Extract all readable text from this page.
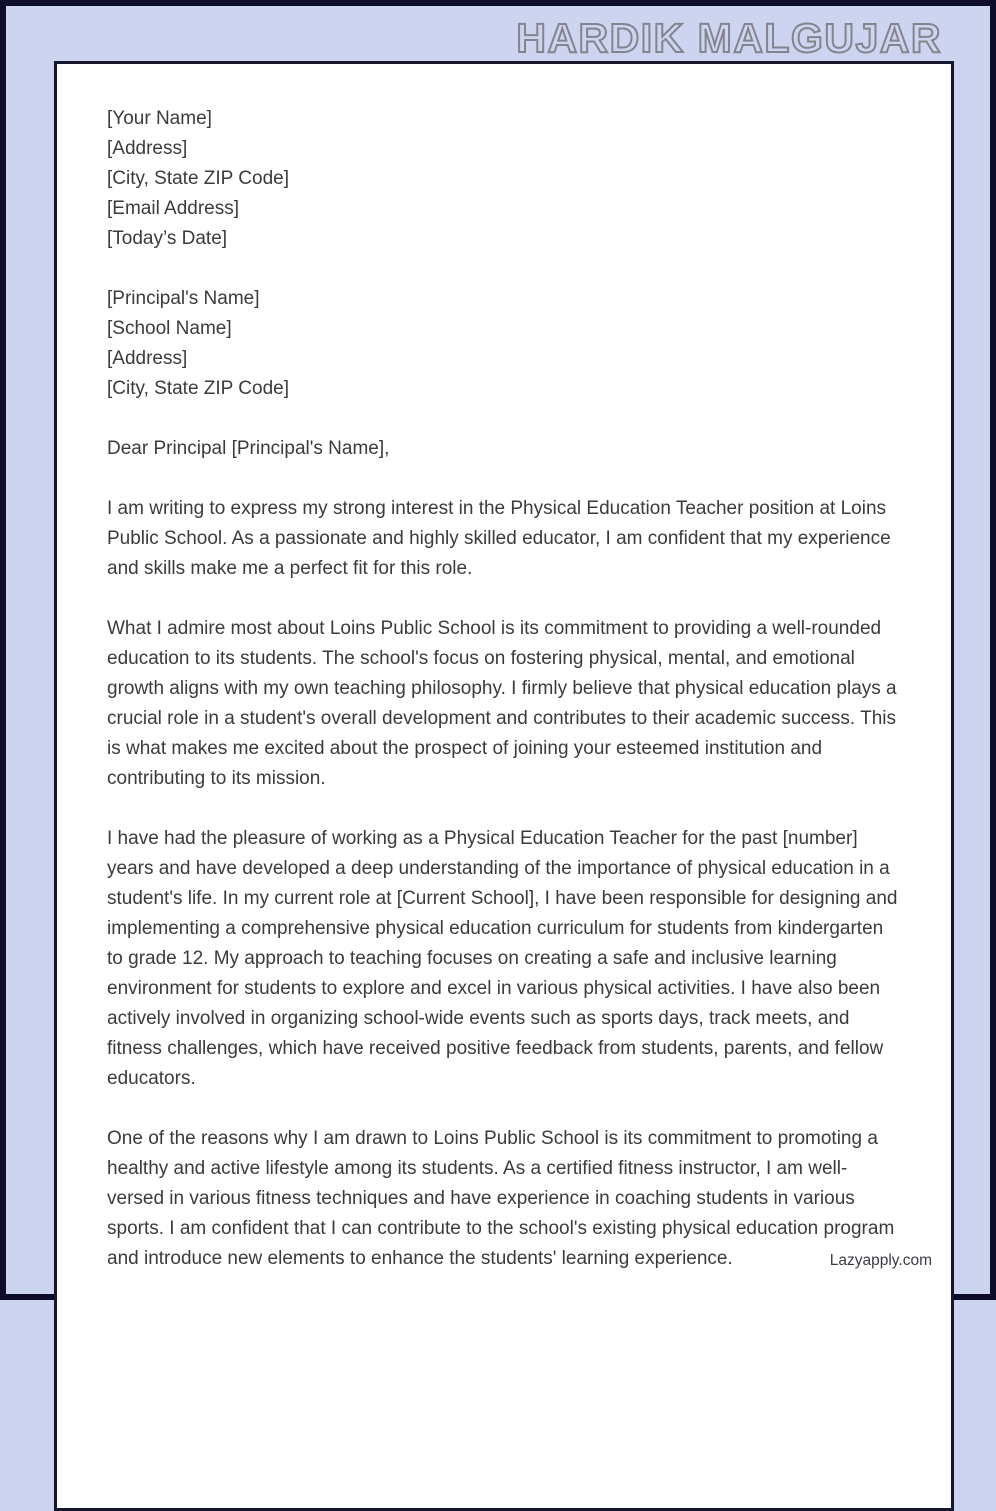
HARDIK MALGUJAR
[Your Name]
[Address]
[City, State ZIP Code]
[Email Address]
[Today’s Date]
[Principal's Name]
[School Name]
[Address]
[City, State ZIP Code]
Dear Principal [Principal's Name],

I am writing to express my strong interest in the Physical Education Teacher position at Loins Public School. As a passionate and highly skilled educator, I am confident that my experience and skills make me a perfect fit for this role.

What I admire most about Loins Public School is its commitment to providing a well-rounded education to its students. The school's focus on fostering physical, mental, and emotional growth aligns with my own teaching philosophy. I firmly believe that physical education plays a crucial role in a student's overall development and contributes to their academic success. This is what makes me excited about the prospect of joining your esteemed institution and contributing to its mission.

I have had the pleasure of working as a Physical Education Teacher for the past [number] years and have developed a deep understanding of the importance of physical education in a student's life. In my current role at [Current School], I have been responsible for designing and implementing a comprehensive physical education curriculum for students from kindergarten to grade 12. My approach to teaching focuses on creating a safe and inclusive learning environment for students to explore and excel in various physical activities. I have also been actively involved in organizing school-wide events such as sports days, track meets, and fitness challenges, which have received positive feedback from students, parents, and fellow educators.

One of the reasons why I am drawn to Loins Public School is its commitment to promoting a healthy and active lifestyle among its students. As a certified fitness instructor, I am well-versed in various fitness techniques and have experience in coaching students in various sports. I am confident that I can contribute to the school's existing physical education program and introduce new elements to enhance the students' learning experience.	Lazyapply.com
